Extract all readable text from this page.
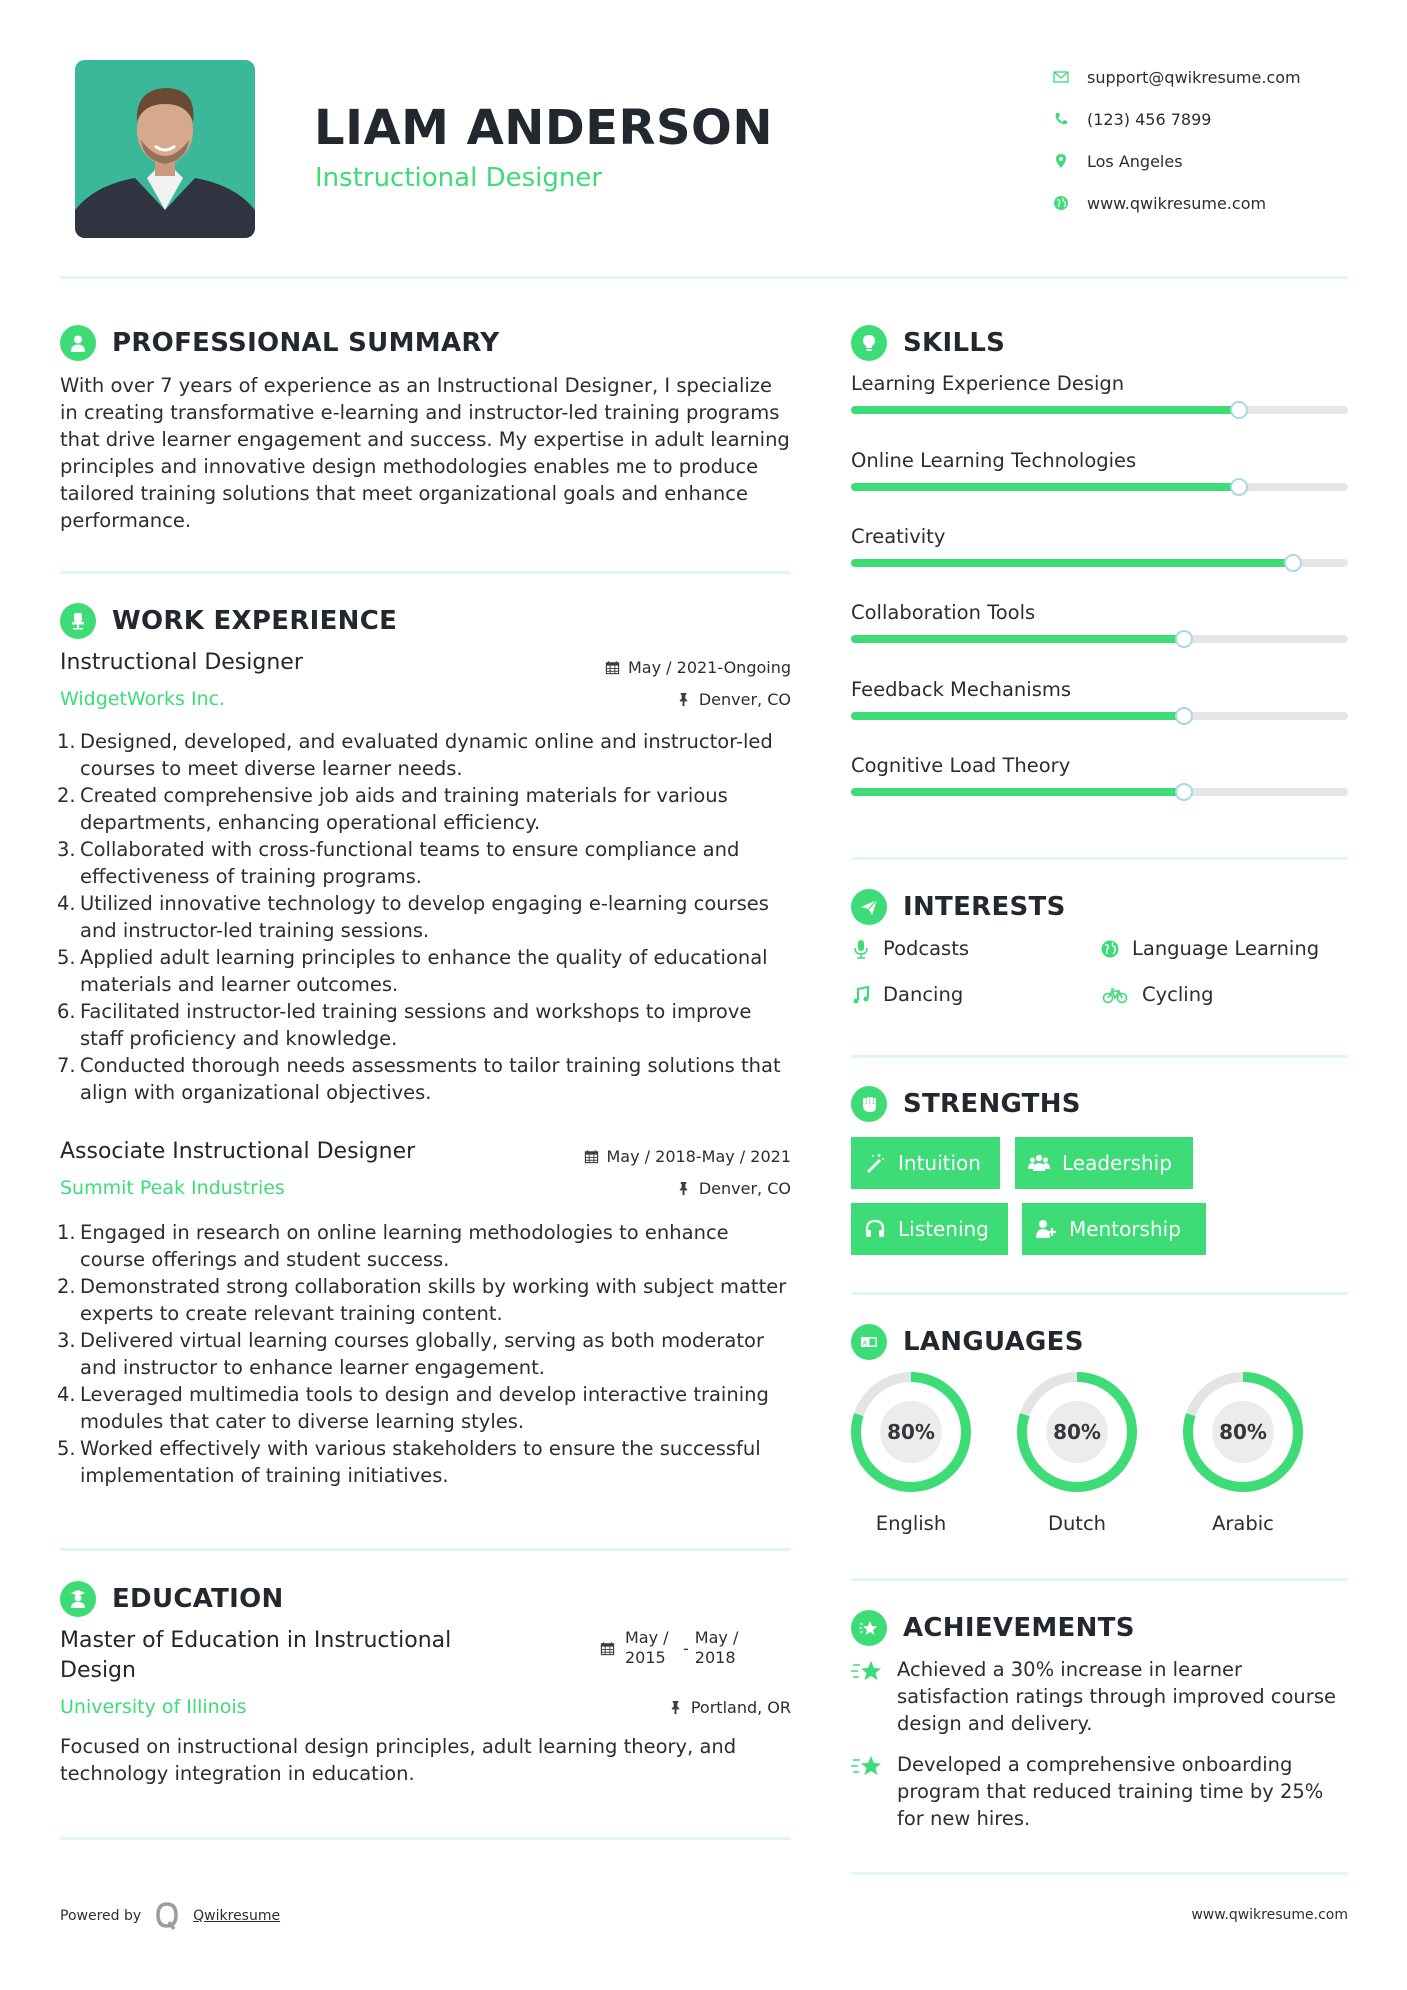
LIAM ANDERSON
Instructional Designer
support@qwikresume.com
(123) 456 7899
Los Angeles
www.qwikresume.com
PROFESSIONAL SUMMARY
With over 7 years of experience as an Instructional Designer, I specialize in creating transformative e-learning and instructor-led training programs that drive learner engagement and success. My expertise in adult learning principles and innovative design methodologies enables me to produce tailored training solutions that meet organizational goals and enhance performance.
WORK EXPERIENCE
Instructional Designer
WidgetWorks Inc.
May / 2021-Ongoing
Denver, CO
1. Designed, developed, and evaluated dynamic online and instructor-led courses to meet diverse learner needs.
2. Created comprehensive job aids and training materials for various departments, enhancing operational efficiency.
3. Collaborated with cross-functional teams to ensure compliance and effectiveness of training programs.
4. Utilized innovative technology to develop engaging e-learning courses and instructor-led training sessions.
5. Applied adult learning principles to enhance the quality of educational materials and learner outcomes.
6. Facilitated instructor-led training sessions and workshops to improve staff proficiency and knowledge.
7. Conducted thorough needs assessments to tailor training solutions that align with organizational objectives.
Associate Instructional Designer
Summit Peak Industries
May / 2018-May / 2021
Denver, CO
1. Engaged in research on online learning methodologies to enhance course offerings and student success.
2. Demonstrated strong collaboration skills by working with subject matter experts to create relevant training content.
3. Delivered virtual learning courses globally, serving as both moderator and instructor to enhance learner engagement.
4. Leveraged multimedia tools to design and develop interactive training modules that cater to diverse learning styles.
5. Worked effectively with various stakeholders to ensure the successful implementation of training initiatives.
EDUCATION
Master of Education in Instructional Design
May / 2015	-
May / 2018
University of Illinois	Portland, OR
Focused on instructional design principles, adult learning theory, and technology integration in education.
SKILLS
Learning Experience Design
Online Learning Technologies
Creativity
Collaboration Tools
Feedback Mechanisms
Cognitive Load Theory
INTERESTS
Podcasts	Language Learning
Dancing	Cycling
STRENGTHS
Intuition	Leadership
Listening	Mentorship
A LANGUAGES
80%
English
80%
Dutch
80%
Arabic
ACHIEVEMENTS
Achieved a 30% increase in learner satisfaction ratings through improved course design and delivery.
Developed a comprehensive onboarding program that reduced training time by 25% for new hires.
Powered by	Qwikresume	www.qwikresume.com
